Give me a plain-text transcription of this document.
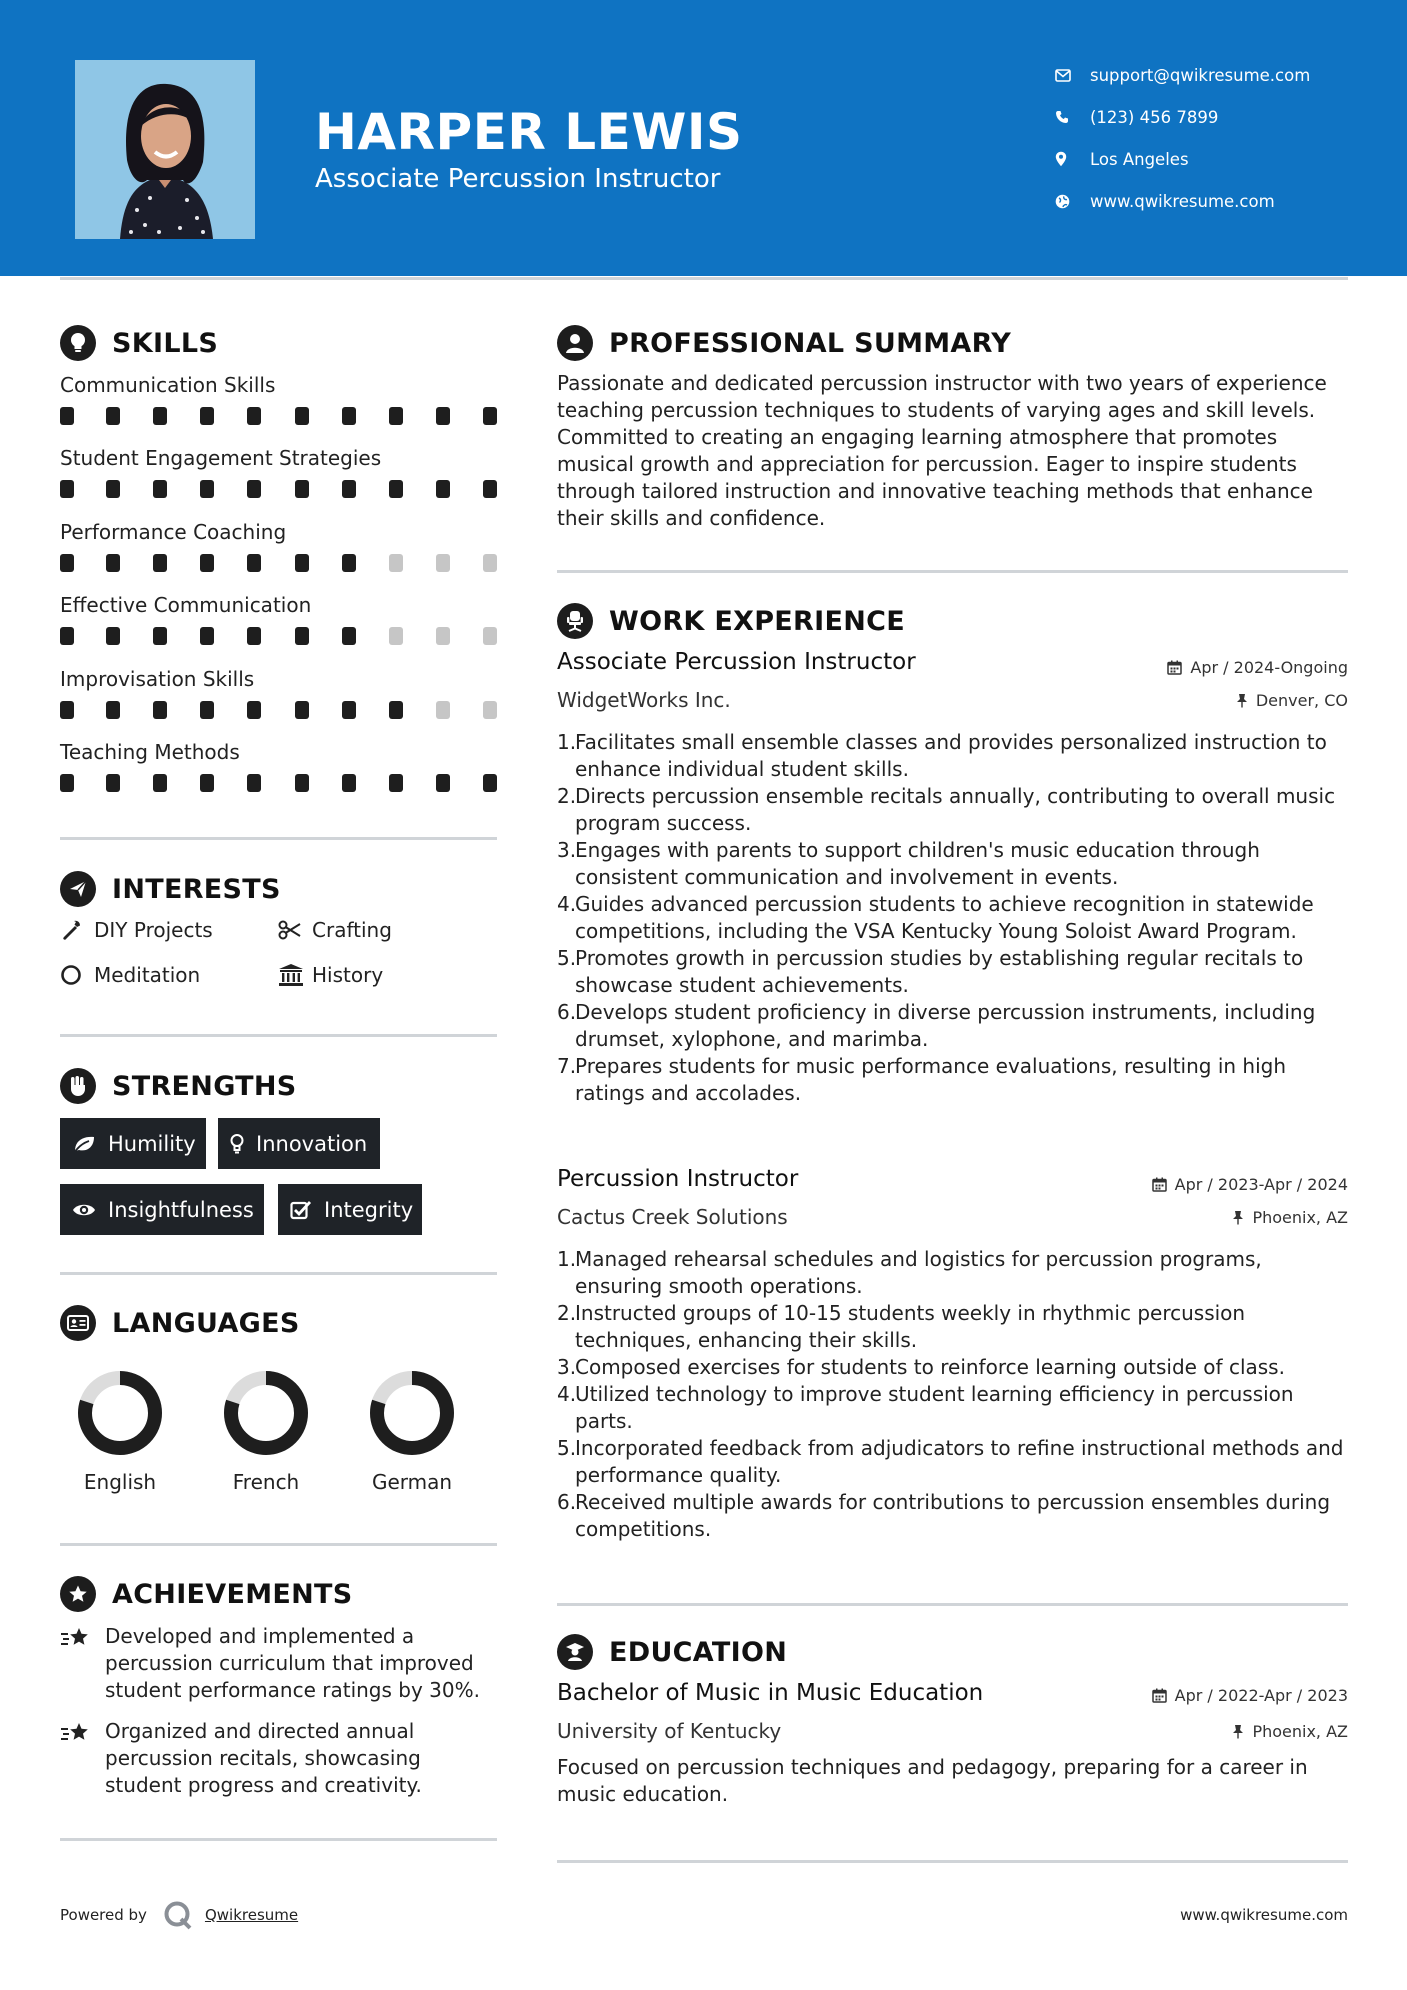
HARPER LEWIS
Associate Percussion Instructor
support@qwikresume.com
(123) 456 7899
Los Angeles
www.qwikresume.com
SKILLS
Communication Skills
Student Engagement Strategies
Performance Coaching
Effective Communication
Improvisation Skills
Teaching Methods
INTERESTS
DIY Projects	Crafting
Meditation	History
STRENGTHS
Humility	Innovation
Insightfulness	Integrity
LANGUAGES
English	French	German
ACHIEVEMENTS
Developed and implemented a percussion curriculum that improved student performance ratings by 30%.
Organized and directed annual percussion recitals, showcasing student progress and creativity.
PROFESSIONAL SUMMARY
Passionate and dedicated percussion instructor with two years of experience teaching percussion techniques to students of varying ages and skill levels. Committed to creating an engaging learning atmosphere that promotes musical growth and appreciation for percussion. Eager to inspire students through tailored instruction and innovative teaching methods that enhance their skills and confidence.
WORK EXPERIENCE
Associate Percussion Instructor	Apr / 2024-Ongoing
WidgetWorks Inc.	Denver, CO
1.
Facilitates small ensemble classes and provides personalized instruction to enhance individual student skills.
2.
Directs percussion ensemble recitals annually, contributing to overall music program success.
3.
Engages with parents to support children's music education through consistent communication and involvement in events.
4.
Guides advanced percussion students to achieve recognition in statewide competitions, including the VSA Kentucky Young Soloist Award Program.
5.
Promotes growth in percussion studies by establishing regular recitals to showcase student achievements.
6.
Develops student proficiency in diverse percussion instruments, including drumset, xylophone, and marimba.
7.
Prepares students for music performance evaluations, resulting in high ratings and accolades.
Percussion Instructor	Apr / 2023-Apr / 2024
Cactus Creek Solutions	Phoenix, AZ
1.
Managed rehearsal schedules and logistics for percussion programs, ensuring smooth operations.
2.
Instructed groups of 10-15 students weekly in rhythmic percussion techniques, enhancing their skills.
3.
Composed exercises for students to reinforce learning outside of class.
4.
Utilized technology to improve student learning efficiency in percussion parts.
5.
Incorporated feedback from adjudicators to refine instructional methods and performance quality.
6.
Received multiple awards for contributions to percussion ensembles during competitions.
EDUCATION
Bachelor of Music in Music Education	Apr / 2022-Apr / 2023
University of Kentucky	Phoenix, AZ
Focused on percussion techniques and pedagogy, preparing for a career in music education.
Powered by	Qwikresume	www.qwikresume.com
